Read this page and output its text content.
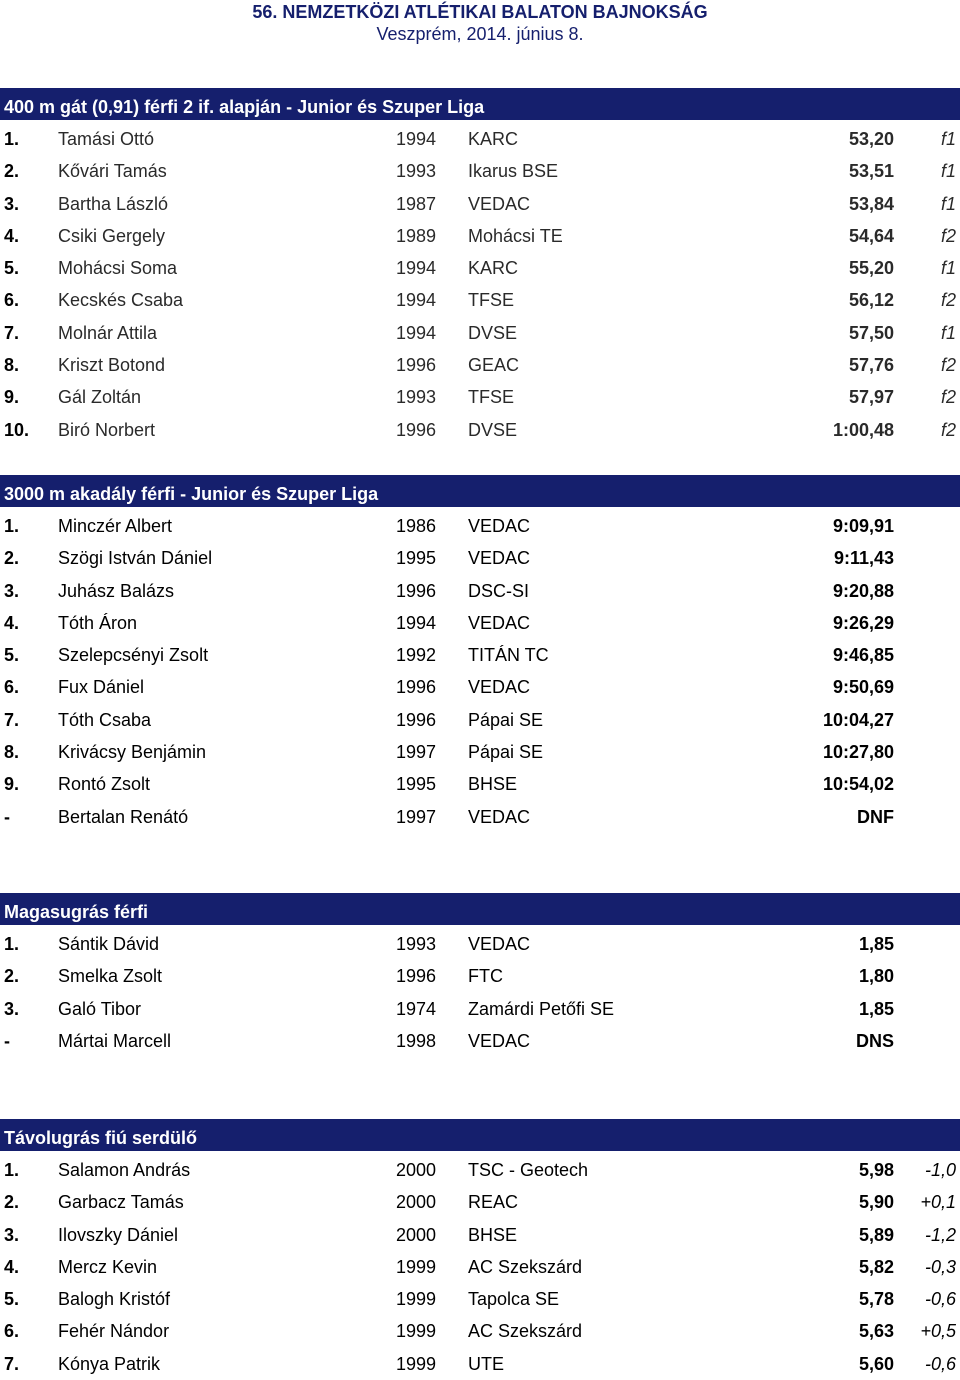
56. NEMZETKÖZI ATLÉTIKAI BALATON BAJNOKSÁG
Veszprém, 2014. június 8.
400 m gát (0,91) férfi 2 if. alapján - Junior és Szuper Liga
1. Tamási Ottó	1994 KARC	53,20	f1
2. Kővári Tamás	1993 Ikarus BSE	53,51	f1
3. Bartha László	1987 VEDAC	53,84	f1
4. Csiki Gergely	1989 Mohácsi TE	54,64	f2
5. Mohácsi Soma	1994 KARC	55,20	f1
6. Kecskés Csaba	1994 TFSE	56,12	f2
7. Molnár Attila	1994 DVSE	57,50	f1
8. Kriszt Botond	1996 GEAC	57,76	f2
9. Gál Zoltán	1993 TFSE	57,97	f2
10. Biró Norbert	1996 DVSE	1:00,48	f2
3000 m akadály férfi - Junior és Szuper Liga
1. Minczér Albert	1986 VEDAC	9:09,91
2. Szögi István Dániel	1995 VEDAC	9:11,43
3. Juhász Balázs	1996 DSC-SI	9:20,88
4. Tóth Áron	1994 VEDAC	9:26,29
5. Szelepcsényi Zsolt	1992 TITÁN TC	9:46,85
6. Fux Dániel	1996 VEDAC	9:50,69
7. Tóth Csaba	1996 Pápai SE	10:04,27
8. Krivácsy Benjámin	1997 Pápai SE	10:27,80
9. Rontó Zsolt	1995 BHSE	10:54,02
-	Bertalan Renátó	1997 VEDAC	DNF
Magasugrás férfi
1. Sántik Dávid	1993 VEDAC	1,85
2. Smelka Zsolt	1996 FTC	1,80
3. Galó Tibor	1974 Zamárdi Petőfi SE	1,85
-	Mártai Marcell	1998 VEDAC	DNS
Távolugrás fiú serdülő
1. Salamon András	2000 TSC - Geotech	5,98 -1,0
2. Garbacz Tamás	2000 REAC	5,90 +0,1
3. Ilovszky Dániel	2000 BHSE	5,89 -1,2
4. Mercz Kevin	1999 AC Szekszárd	5,82 -0,3
5. Balogh Kristóf	1999 Tapolca SE	5,78 -0,6
6. Fehér Nándor	1999 AC Szekszárd	5,63 +0,5
7. Kónya Patrik	1999 UTE	5,60 -0,6
